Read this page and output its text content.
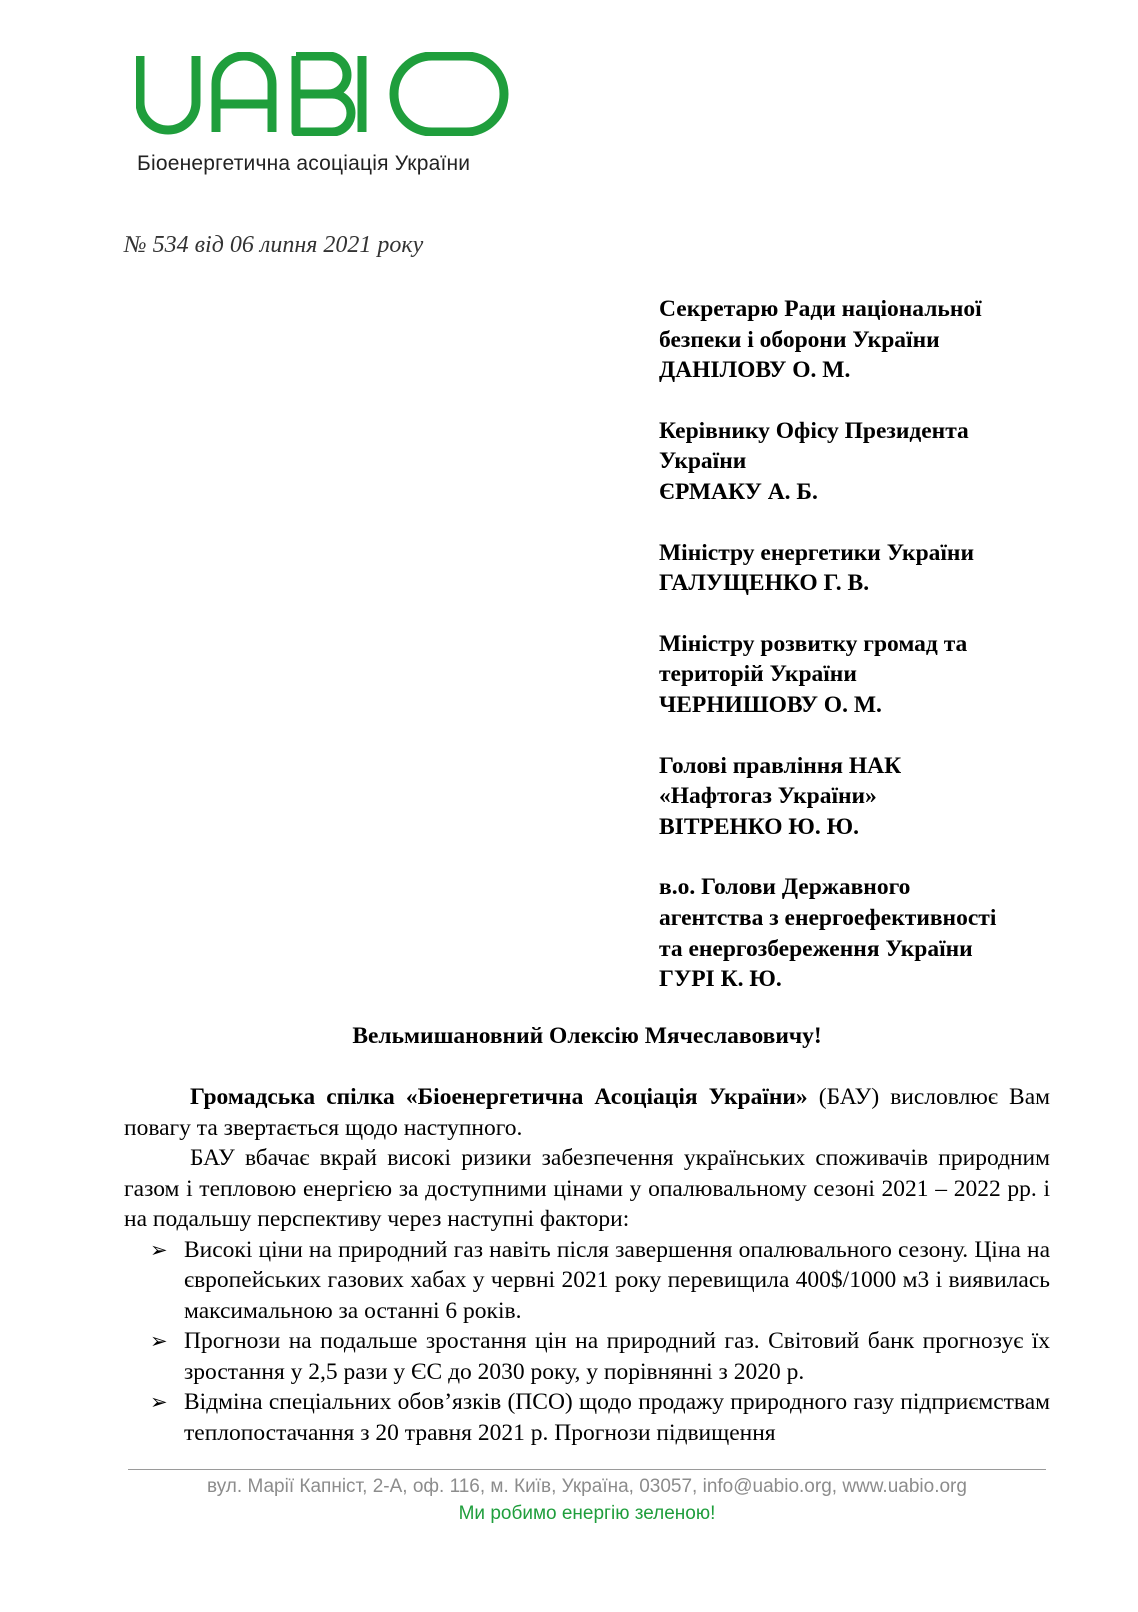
Біоенергетична асоціація України
№ 534 від 06 липня 2021 року
Секретарю Ради національної
безпеки і оборони України
ДАНІЛОВУ О. М.
Керівнику Офісу Президента
України
ЄРМАКУ А. Б.
Міністру енергетики України
ГАЛУЩЕНКО Г. В.
Міністру розвитку громад та
територій України
ЧЕРНИШОВУ О. М.
Голові правління НАК
«Нафтогаз України»
ВІТРЕНКО Ю. Ю.
в.о. Голови Державного
агентства з енергоефективності
та енергозбереження України
ГУРІ К. Ю.
Вельмишановний Олексію Мячеславовичу!

Громадська спілка «Біоенергетична Асоціація України» (БАУ) висловлює Вам повагу та звертається щодо наступного.

БАУ вбачає вкрай високі ризики забезпечення українських споживачів природним газом і тепловою енергією за доступними цінами у опалювальному сезоні 2021 – 2022 рр. і на подальшу перспективу через наступні фактори:

➢ Високі ціни на природний газ навіть після завершення опалювального сезону. Ціна на європейських газових хабах у червні 2021 року перевищила 400$/1000 м3 і виявилась максимальною за останні 6 років.
➢ Прогнози на подальше зростання цін на природний газ. Світовий банк прогнозує їх зростання у 2,5 рази у ЄС до 2030 року, у порівнянні з 2020 р.
➢ Відміна спеціальних обов’язків (ПСО) щодо продажу природного газу підприємствам теплопостачання з 20 травня 2021 р. Прогнози підвищення
вул. Марії Капніст, 2-А, оф. 116, м. Київ, Україна, 03057, info@uabio.org, www.uabio.org
Ми робимо енергію зеленою!
